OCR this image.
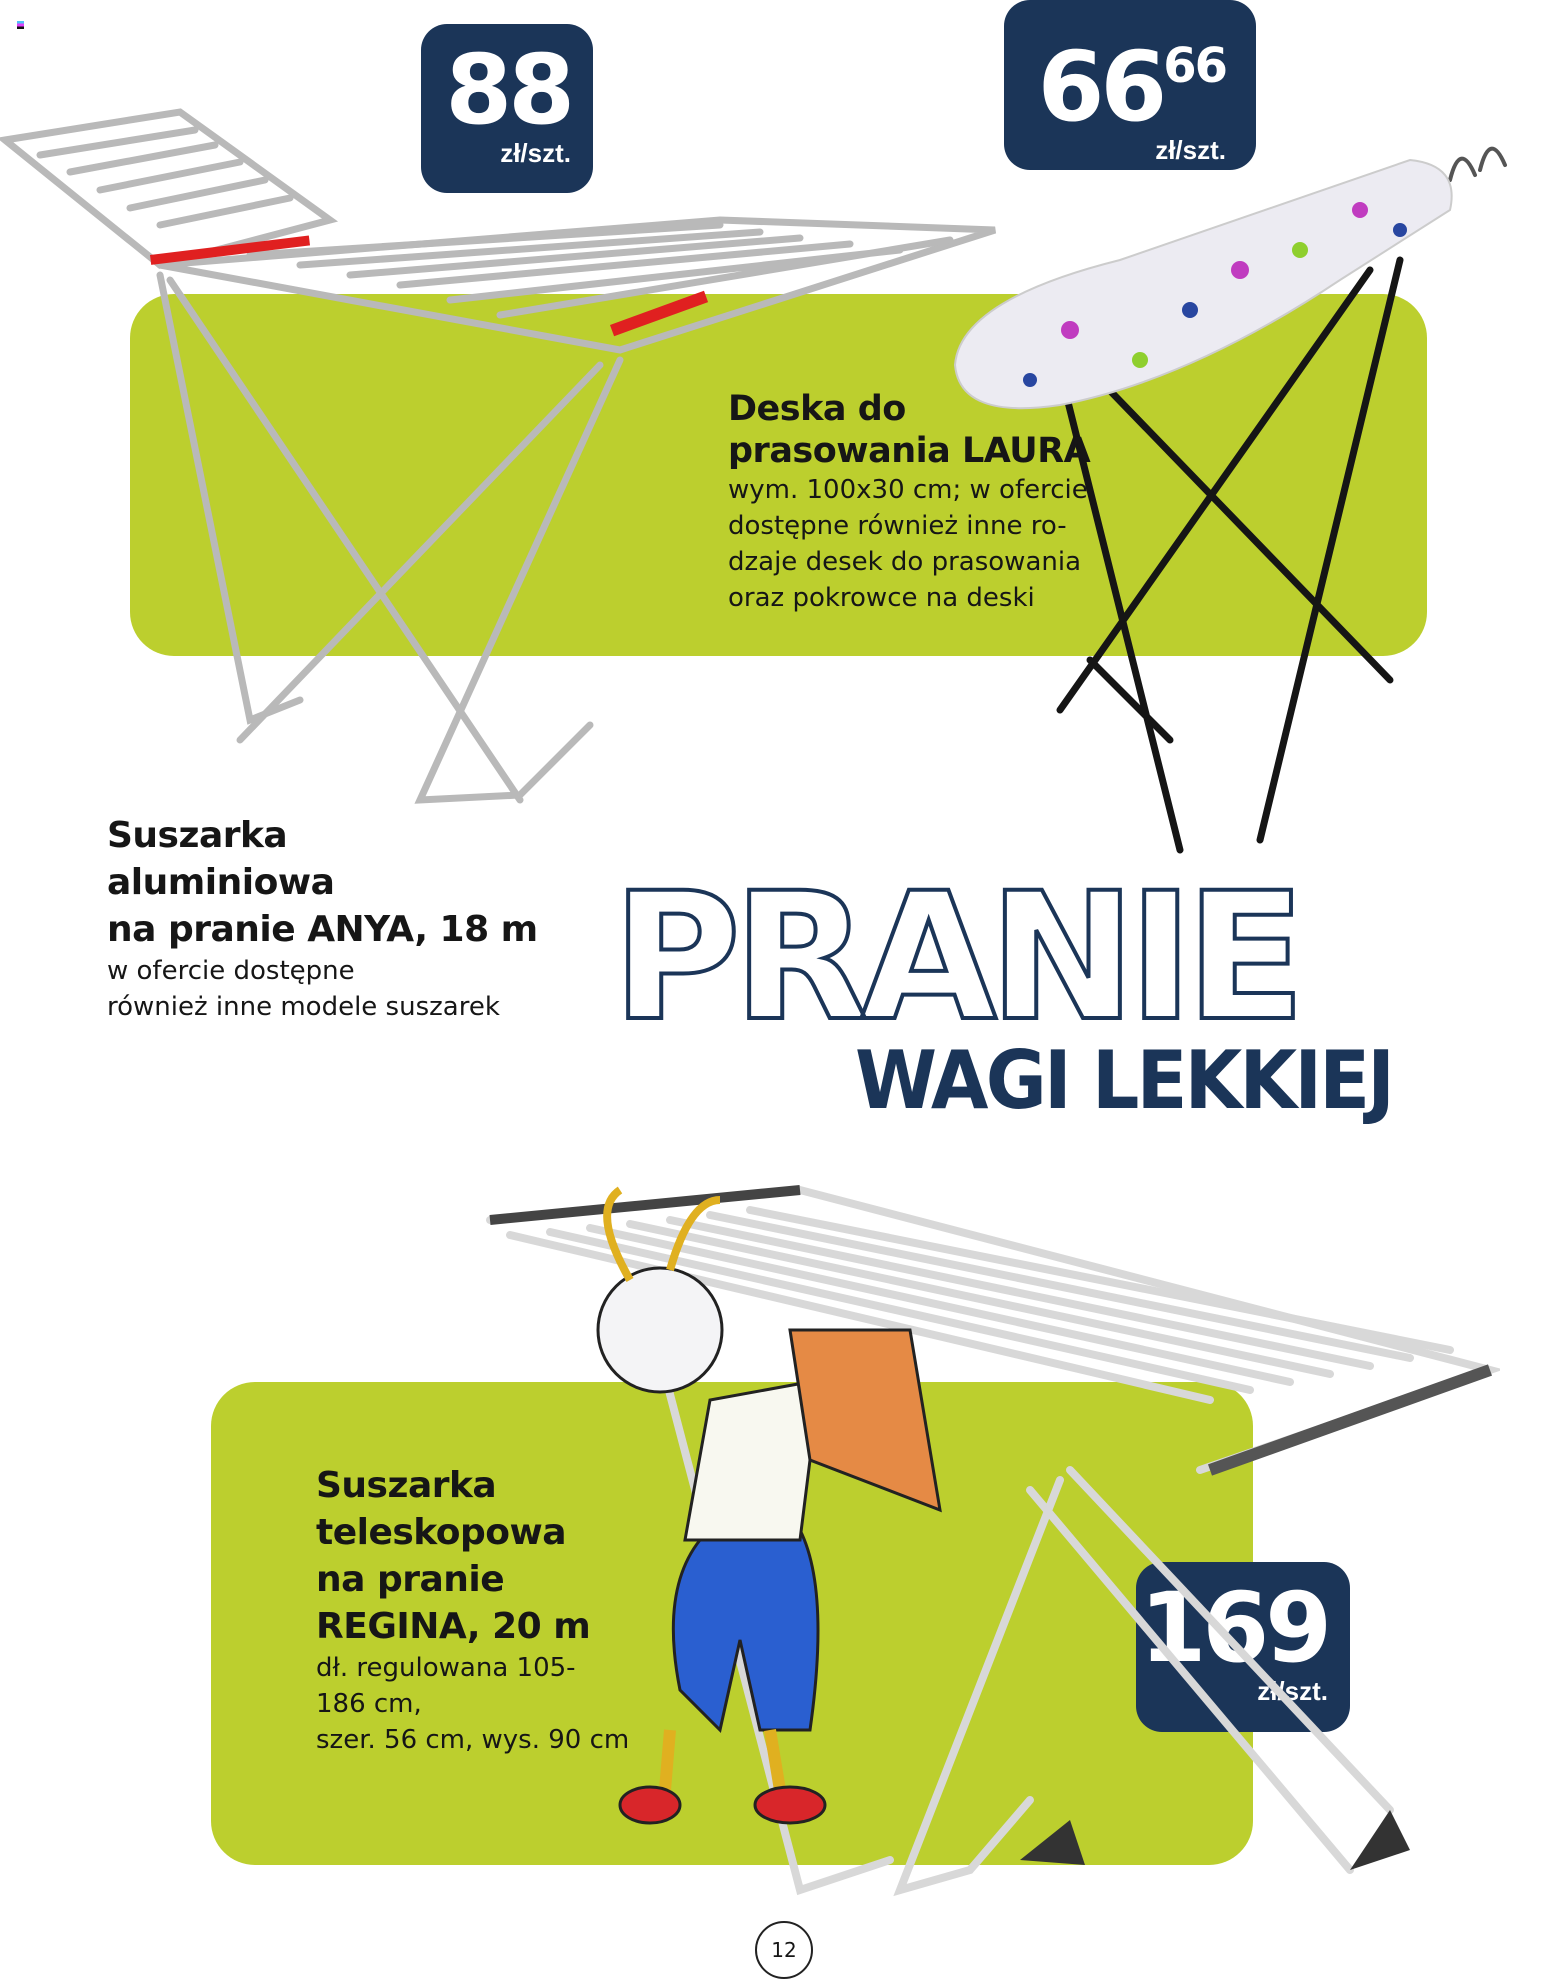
88
zł/szt.
$66^{66}$
zł/szt.
169
zł/szt.
Deska do
prasowania LAURA
wym. 100x30 cm; w ofercie
dostępne również inne ro-
dzaje desek do prasowania
oraz pokrowce na deski
Suszarka
aluminiowa
na pranie ANYA, 18 m
w ofercie dostępne
również inne modele suszarek PRANIE
WAGI LEKKIEJ
Suszarka
teleskopowa
na pranie
REGINA, 20 m
dł. regulowana 105-
186 cm,
szer. 56 cm, wys. 90 cm
12
